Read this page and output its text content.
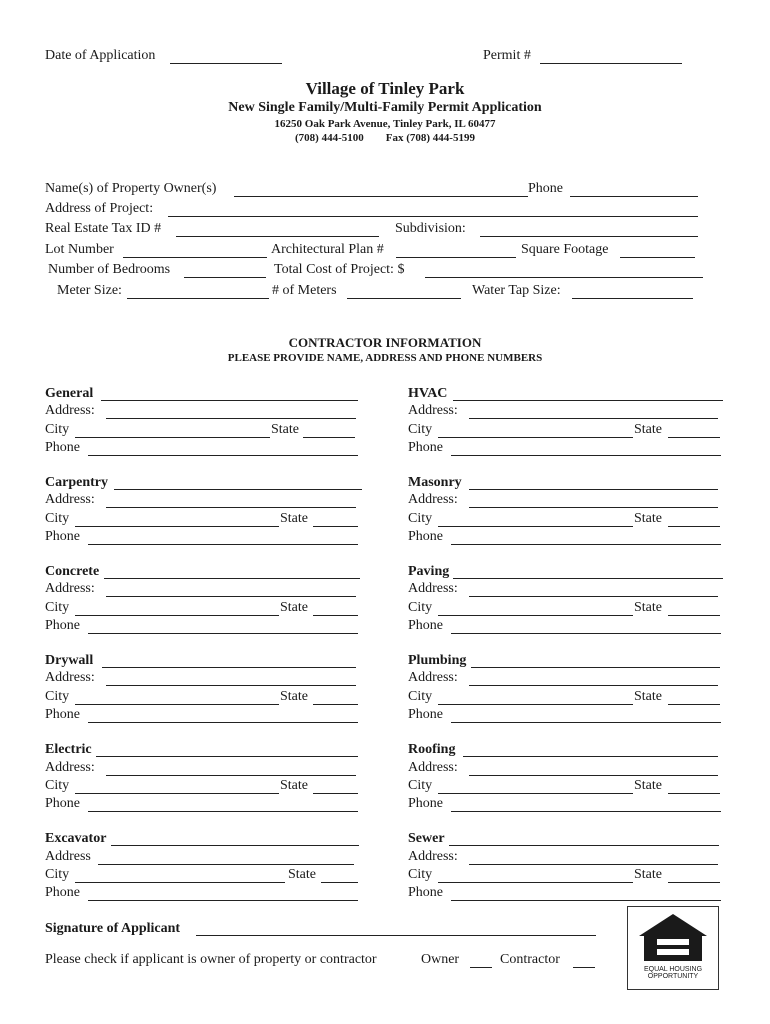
Date of Application	Permit #
Village of Tinley Park
New Single Family/Multi-Family Permit Application
16250 Oak Park Avenue, Tinley Park, IL 60477
(708) 444-5100 Fax (708) 444-5199
Name(s) of Property Owner(s)	Phone
Address of Project:
Real Estate Tax ID #	Subdivision:
Lot Number	Architectural Plan #	Square Footage
Number of Bedrooms	Total Cost of Project: $
Meter Size:	# of Meters	Water Tap Size:
CONTRACTOR INFORMATION
PLEASE PROVIDE NAME, ADDRESS AND PHONE NUMBERS
General
Address:
City	State
Phone
Carpentry
Address:
City	State
Phone
Concrete
Address:
City	State
Phone
Drywall
Address:
City	State
Phone
Electric
Address:
City	State
Phone
Excavator
Address
City	State
Phone
HVAC
Address:
City	State
Phone
Masonry
Address:
City	State
Phone
Paving
Address:
City	State
Phone
Plumbing
Address:
City	State
Phone
Roofing
Address:
City	State
Phone
Sewer
Address:
City	State
Phone
Signature of Applicant
Please check if applicant is owner of property or contractor	Owner	Contractor
EQUAL HOUSING
OPPORTUNITY
